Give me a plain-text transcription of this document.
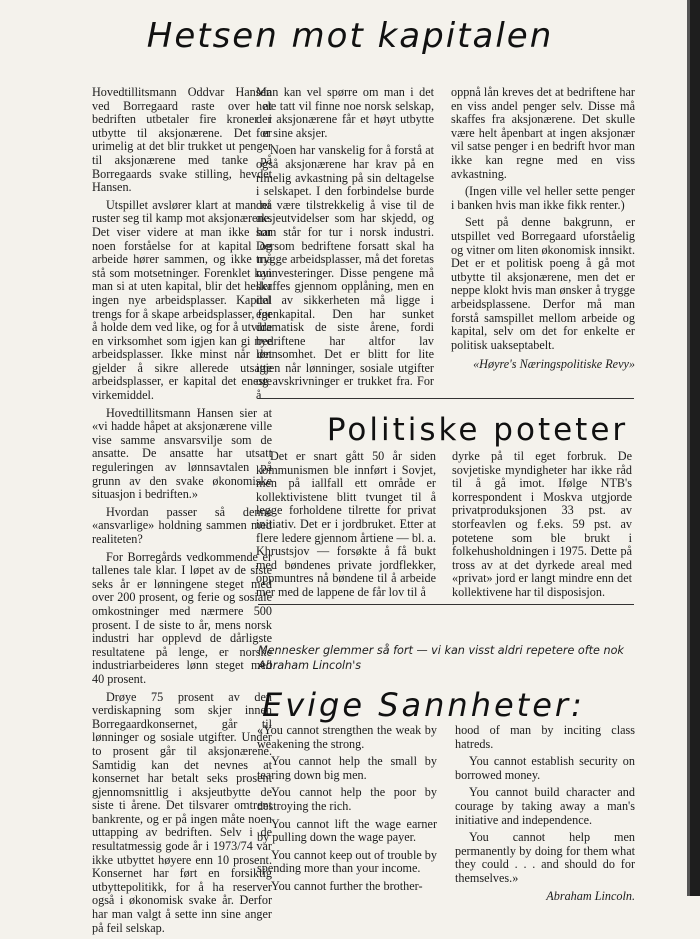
Hetsen mot kapitalen

Hovedtillitsmann Oddvar Hansen ved Borregaard raste over at bedriften utbetaler fire kroner i utbytte til aksjonærene. Det er urimelig at det blir trukket ut penger til aksjonærene med tanke på Borregaards svake stilling, hevdet Hansen.

Utspillet avslører klart at man nå ruster seg til kamp mot aksjonærene. Det viser videre at man ikke har noen forståelse for at kapital og arbeide hører sammen, og ikke må stå som motsetninger. Forenklet kan man si at uten kapital, blir det heller ingen nye arbeidsplasser. Kapital trengs for å skape arbeidsplasser, for å holde dem ved like, og for å utvide en virksomhet som igjen kan gi nye arbeidsplasser. Ikke minst når det gjelder å sikre allerede utsatte arbeidsplasser, er kapital det eneste virkemiddel.

Hovedtillitsmann Hansen sier at «vi hadde håpet at aksjonærene ville vise samme ansvarsvilje som de ansatte. De ansatte har utsatt reguleringen av lønnsavtalen på grunn av den svake økonomiske situasjon i bedriften.»

Hvordan passer så denne «ansvarlige» holdning sammen med realiteten?

For Borregårds vedkommende er tallenes tale klar. I løpet av de siste seks år er lønningene steget med over 200 prosent, og ferie og sosiale omkostninger med nærmere 500 prosent. I de siste to år, mens norsk industri har opplevd de dårligste resultatene på lenge, er norske industriarbeideres lønn steget med 40 prosent.

Drøye 75 prosent av den verdiskapning som skjer innen Borregaardkonsernet, går til lønninger og sosiale utgifter. Under to prosent går til aksjonærene. Samtidig kan det nevnes at konsernet har betalt seks prosent gjennomsnittlig i aksjeutbytte de siste ti årene. Det tilsvarer omtrent bankrente, og er på ingen måte noen uttapping av bedriften. Selv i de resultatmessig gode år i 1973/74 var ikke utbyttet høyere enn 10 prosent. Konsernet har ført en forsiktig utbyttepolitikk, for å ha reserver også i økonomisk svake år. Derfor har man valgt å sette inn sine anger på feil selskap.

Man kan vel spørre om man i det hele tatt vil finne noe norsk selskap, der aksjonærene får et høyt utbytte for sine aksjer.

Noen har vanskelig for å forstå at også aksjonærene har krav på en rimelig avkastning på sin deltagelse i selskapet. I den forbindelse burde det være tilstrekkelig å vise til de aksjeutvidelser som har skjedd, og som står for tur i norsk industri. Dersom bedriftene forsatt skal ha trygge arbeidsplasser, må det foretas nyinvesteringer. Disse pengene må skaffes gjennom opplåning, men en del av sikkerheten må ligge i egenkapital. Den har sunket dramatisk de siste årene, fordi bedriftene har altfor lav lønnsomhet. Det er blitt for lite igjen når lønninger, sosiale utgifter og avskrivninger er trukket fra. For å

oppnå lån kreves det at bedriftene har en viss andel penger selv. Disse må skaffes fra aksjonærene. Det skulle være helt åpenbart at ingen aksjonær vil satse penger i en bedrift hvor man ikke kan regne med en viss avkastning.

(Ingen ville vel heller sette penger i banken hvis man ikke fikk renter.)

Sett på denne bakgrunn, er utspillet ved Borregaard uforståelig og vitner om liten økonomisk innsikt. Det er et politisk poeng å gå mot utbytte til aksjonærene, men det er neppe klokt hvis man ønsker å trygge arbeidsplassene. Derfor må man forstå samspillet mellom arbeide og kapital, selv om det for enkelte er politisk uakseptabelt.

«Høyre's Næringspolitiske Revy»
Politiske poteter

Det er snart gått 50 år siden kommunismen ble innført i Sovjet, men på iallfall ett område er kollektivistene blitt tvunget til å legge forholdene tilrette for privat initiativ. Det er i jordbruket. Etter at flere ledere gjennom årtiene — bl. a. Khrustsjov — forsøkte å få bukt med bøndenes private jordflekker, oppmuntres nå bøndene til å arbeide mer med de lappene de får lov til å

dyrke på til eget forbruk. De sovjetiske myndigheter har ikke råd til å gå imot. Ifølge NTB's korrespondent i Moskva utgjorde privatproduksjonen 33 pst. av storfeavlen og f.eks. 59 pst. av potetene som ble brukt i folkehusholdningen i 1975. Dette på tross av at det dyrkede areal med «privat» jord er langt mindre enn det kollektivene har til disposisjon.

Mennesker glemmer så fort — vi kan visst aldri repetere ofte nok Abraham Lincoln's
Evige Sannheter:

«You cannot strengthen the weak by weakening the strong.

You cannot help the small by tearing down big men.

You cannot help the poor by destroying the rich.

You cannot lift the wage earner by pulling down the wage payer.

You cannot keep out of trouble by spending more than your income.

You cannot further the brother-

hood of man by inciting class hatreds.

You cannot establish security on borrowed money.

You cannot build character and courage by taking away a man's initiative and independence.

You cannot help men permanently by doing for them what they could . . . and should do for themselves.»

Abraham Lincoln.
